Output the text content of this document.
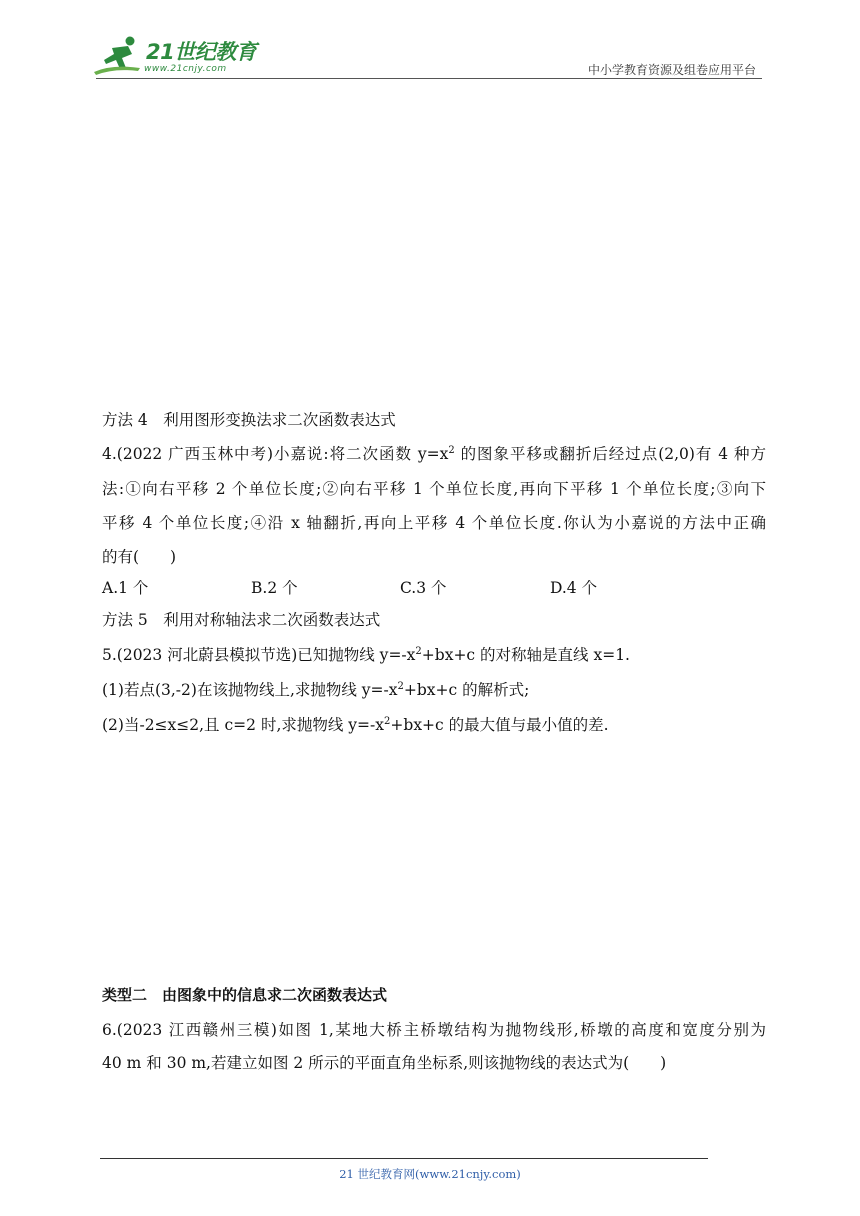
21世纪教育
www.21cnjy.com	中小学教育资源及组卷应用平台
方法 4　利用图形变换法求二次函数表达式
4.(2022 广西玉林中考)小嘉说:将二次函数 $y=x^2$ 的图象平移或翻折后经过点(2,0)有 4 种方
法:①向右平移 2 个单位长度;②向右平移 1 个单位长度,再向下平移 1 个单位长度;③向下
平移 4 个单位长度;④沿 x 轴翻折,再向上平移 4 个单位长度.你认为小嘉说的方法中正确
的有(　　)
A.1 个	B.2 个	C.3 个	D.4 个
方法 5　利用对称轴法求二次函数表达式
5.(2023 河北蔚县模拟节选)已知抛物线 $y=-x^2+bx+c$ 的对称轴是直线 x=1.
(1)若点(3,-2)在该抛物线上,求抛物线 $y=-x^2+bx+c$ 的解析式;
(2)当-2≤x≤2,且 c=2 时,求抛物线 $y=-x^2+bx+c$ 的最大值与最小值的差.
类型二　由图象中的信息求二次函数表达式
6.(2023 江西赣州三模)如图 1,某地大桥主桥墩结构为抛物线形,桥墩的高度和宽度分别为
40 m 和 30 m,若建立如图 2 所示的平面直角坐标系,则该抛物线的表达式为(　　)
21 世纪教育网(www.21cnjy.com)
